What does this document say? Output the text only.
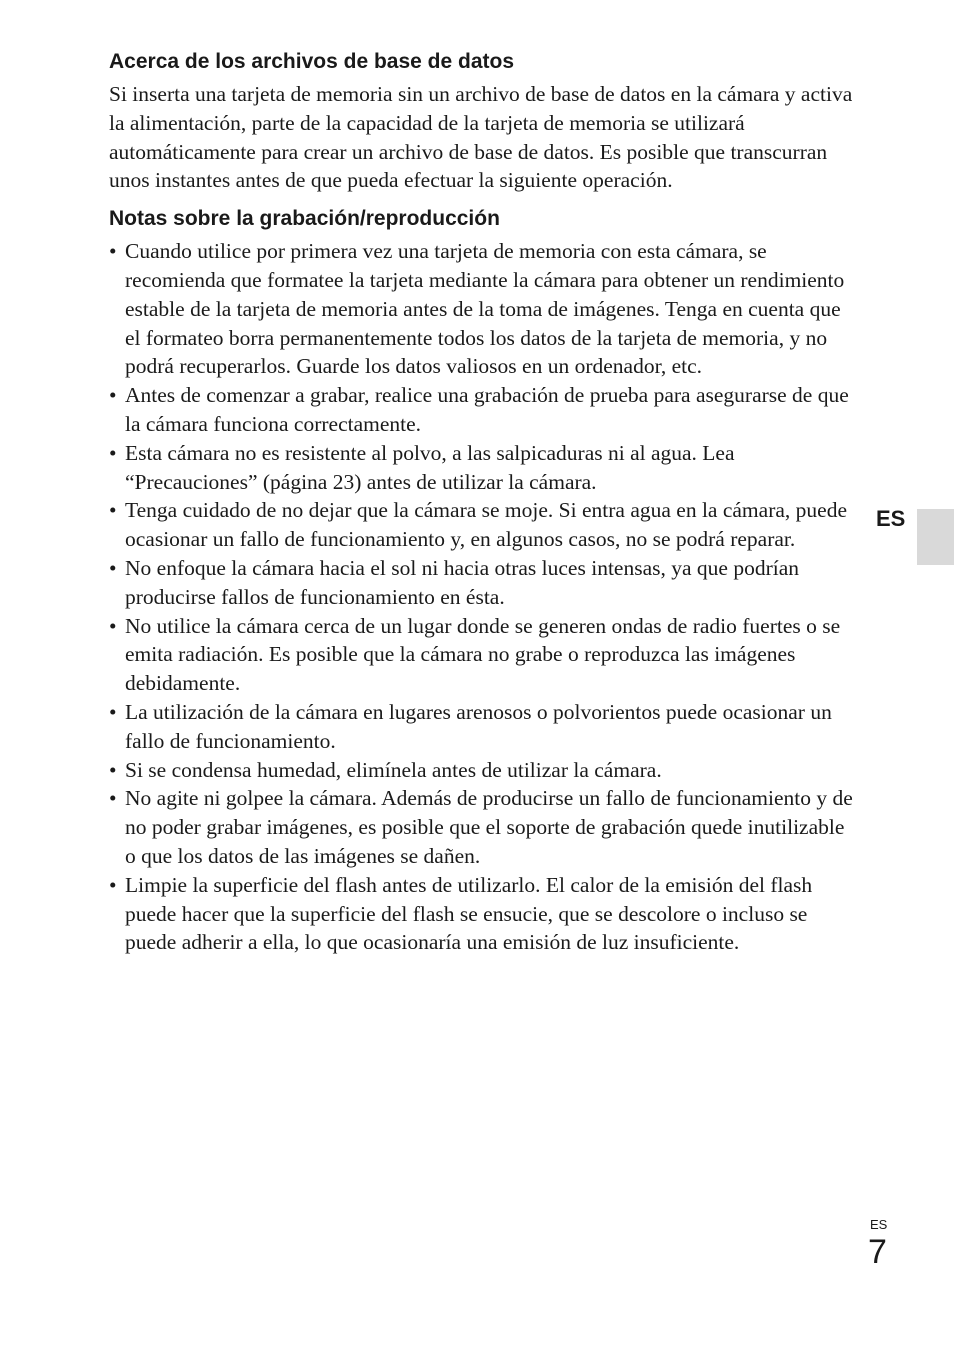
Acerca de los archivos de base de datos

Si inserta una tarjeta de memoria sin un archivo de base de datos en la cámara y activa la alimentación, parte de la capacidad de la tarjeta de memoria se utilizará automáticamente para crear un archivo de base de datos. Es posible que transcurran unos instantes antes de que pueda efectuar la siguiente operación.

Notas sobre la grabación/reproducción
• Cuando utilice por primera vez una tarjeta de memoria con esta cámara, se recomienda que formatee la tarjeta mediante la cámara para obtener un rendimiento estable de la tarjeta de memoria antes de la toma de imágenes. Tenga en cuenta que el formateo borra permanentemente todos los datos de la tarjeta de memoria, y no podrá recuperarlos. Guarde los datos valiosos en un ordenador, etc.
• Antes de comenzar a grabar, realice una grabación de prueba para asegurarse de que la cámara funciona correctamente.
• Esta cámara no es resistente al polvo, a las salpicaduras ni al agua. Lea “Precauciones” (página 23) antes de utilizar la cámara.
• Tenga cuidado de no dejar que la cámara se moje. Si entra agua en la cámara, puede ocasionar un fallo de funcionamiento y, en algunos casos, no se podrá reparar.
• No enfoque la cámara hacia el sol ni hacia otras luces intensas, ya que podrían producirse fallos de funcionamiento en ésta.
• No utilice la cámara cerca de un lugar donde se generen ondas de radio fuertes o se emita radiación. Es posible que la cámara no grabe o reproduzca las imágenes debidamente.
• La utilización de la cámara en lugares arenosos o polvorientos puede ocasionar un fallo de funcionamiento.
• Si se condensa humedad, elimínela antes de utilizar la cámara.
• No agite ni golpee la cámara. Además de producirse un fallo de funcionamiento y de no poder grabar imágenes, es posible que el soporte de grabación quede inutilizable o que los datos de las imágenes se dañen.
• Limpie la superficie del flash antes de utilizarlo. El calor de la emisión del flash puede hacer que la superficie del flash se ensucie, que se descolore o incluso se puede adherir a ella, lo que ocasionaría una emisión de luz insuficiente.
ES
ES
7
